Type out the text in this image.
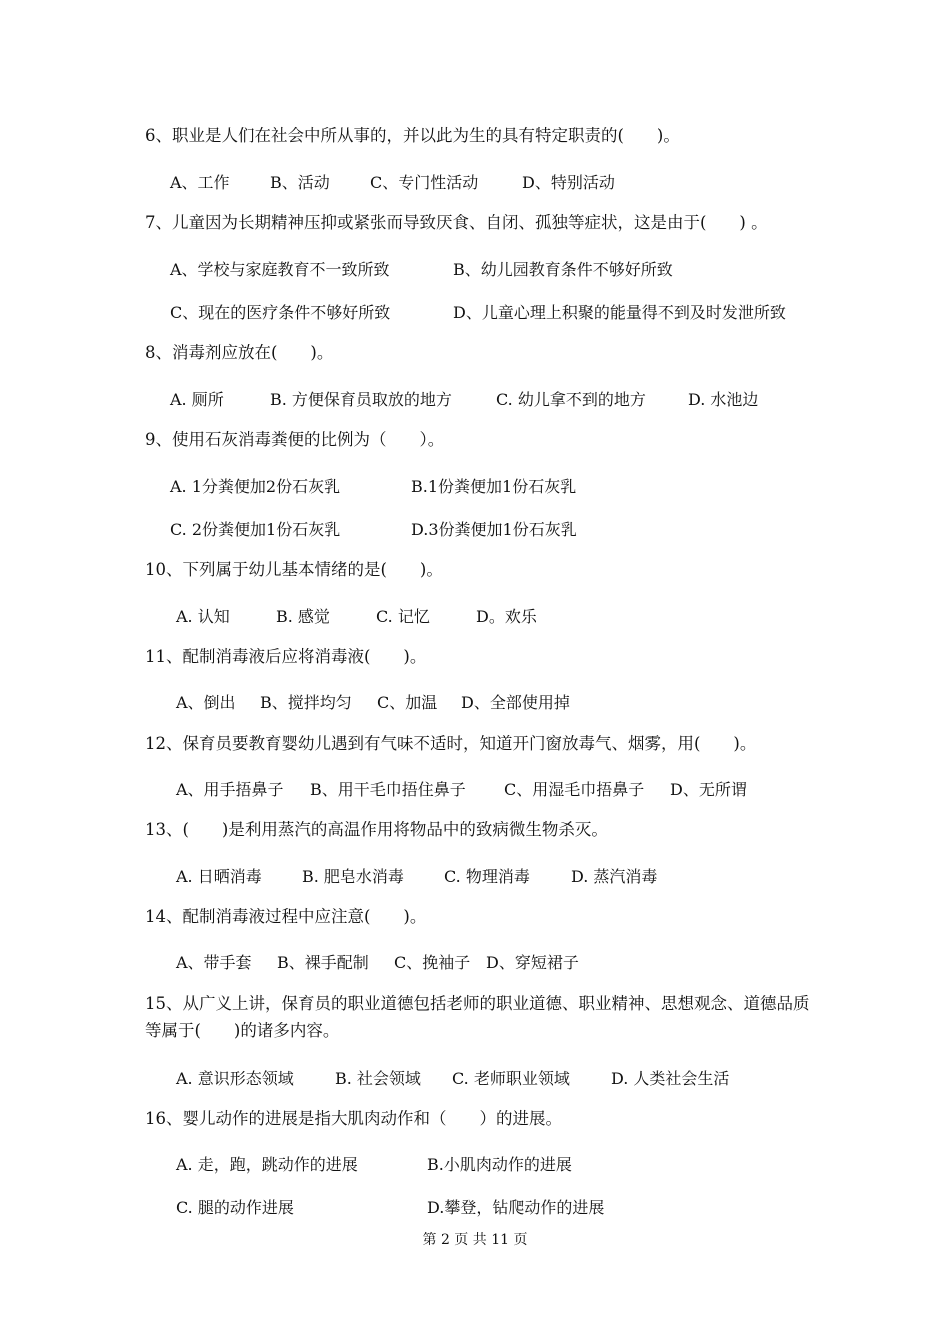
6、职业是人们在社会中所从事的，并以此为生的具有特定职责的(　　)。
A、工作	B、活动	C、专门性活动	D、特别活动
7、儿童因为长期精神压抑或紧张而导致厌食、自闭、孤独等症状，这是由于(　　) 。
A、学校与家庭教育不一致所致	B、幼儿园教育条件不够好所致
C、现在的医疗条件不够好所致	D、儿童心理上积聚的能量得不到及时发泄所致
8、消毒剂应放在(　　)。
A. 厕所	B. 方便保育员取放的地方	C. 幼儿拿不到的地方	D. 水池边
9、使用石灰消毒粪便的比例为（　　）。
A. 1分粪便加2份石灰乳	B.1份粪便加1份石灰乳
C. 2份粪便加1份石灰乳	D.3份粪便加1份石灰乳
10、下列属于幼儿基本情绪的是(　　)。
A. 认知	B. 感觉	C. 记忆	D。欢乐
11、配制消毒液后应将消毒液(　　)。
A、倒出 B、搅拌均匀 C、加温 D、全部使用掉
12、保育员要教育婴幼儿遇到有气味不适时，知道开门窗放毒气、烟雾，用(　　)。
A、用手捂鼻子 B、用干毛巾捂住鼻子 C、用湿毛巾捂鼻子 D、无所谓
13、(　　)是利用蒸汽的高温作用将物品中的致病微生物杀灭。
A. 日晒消毒	B. 肥皂水消毒	C. 物理消毒	D. 蒸汽消毒
14、配制消毒液过程中应注意(　　)。
A、带手套 B、裸手配制 C、挽袖子 D、穿短裙子
15、从广义上讲，保育员的职业道德包括老师的职业道德、职业精神、思想观念、道德品质等属于(　　)的诸多内容。
A. 意识形态领域	B. 社会领域 C. 老师职业领域	D. 人类社会生活
16、婴儿动作的进展是指大肌肉动作和（　　）的进展。
A. 走，跑，跳动作的进展	B.小肌肉动作的进展
C. 腿的动作进展	D.攀登，钻爬动作的进展
第 2 页 共 11 页
